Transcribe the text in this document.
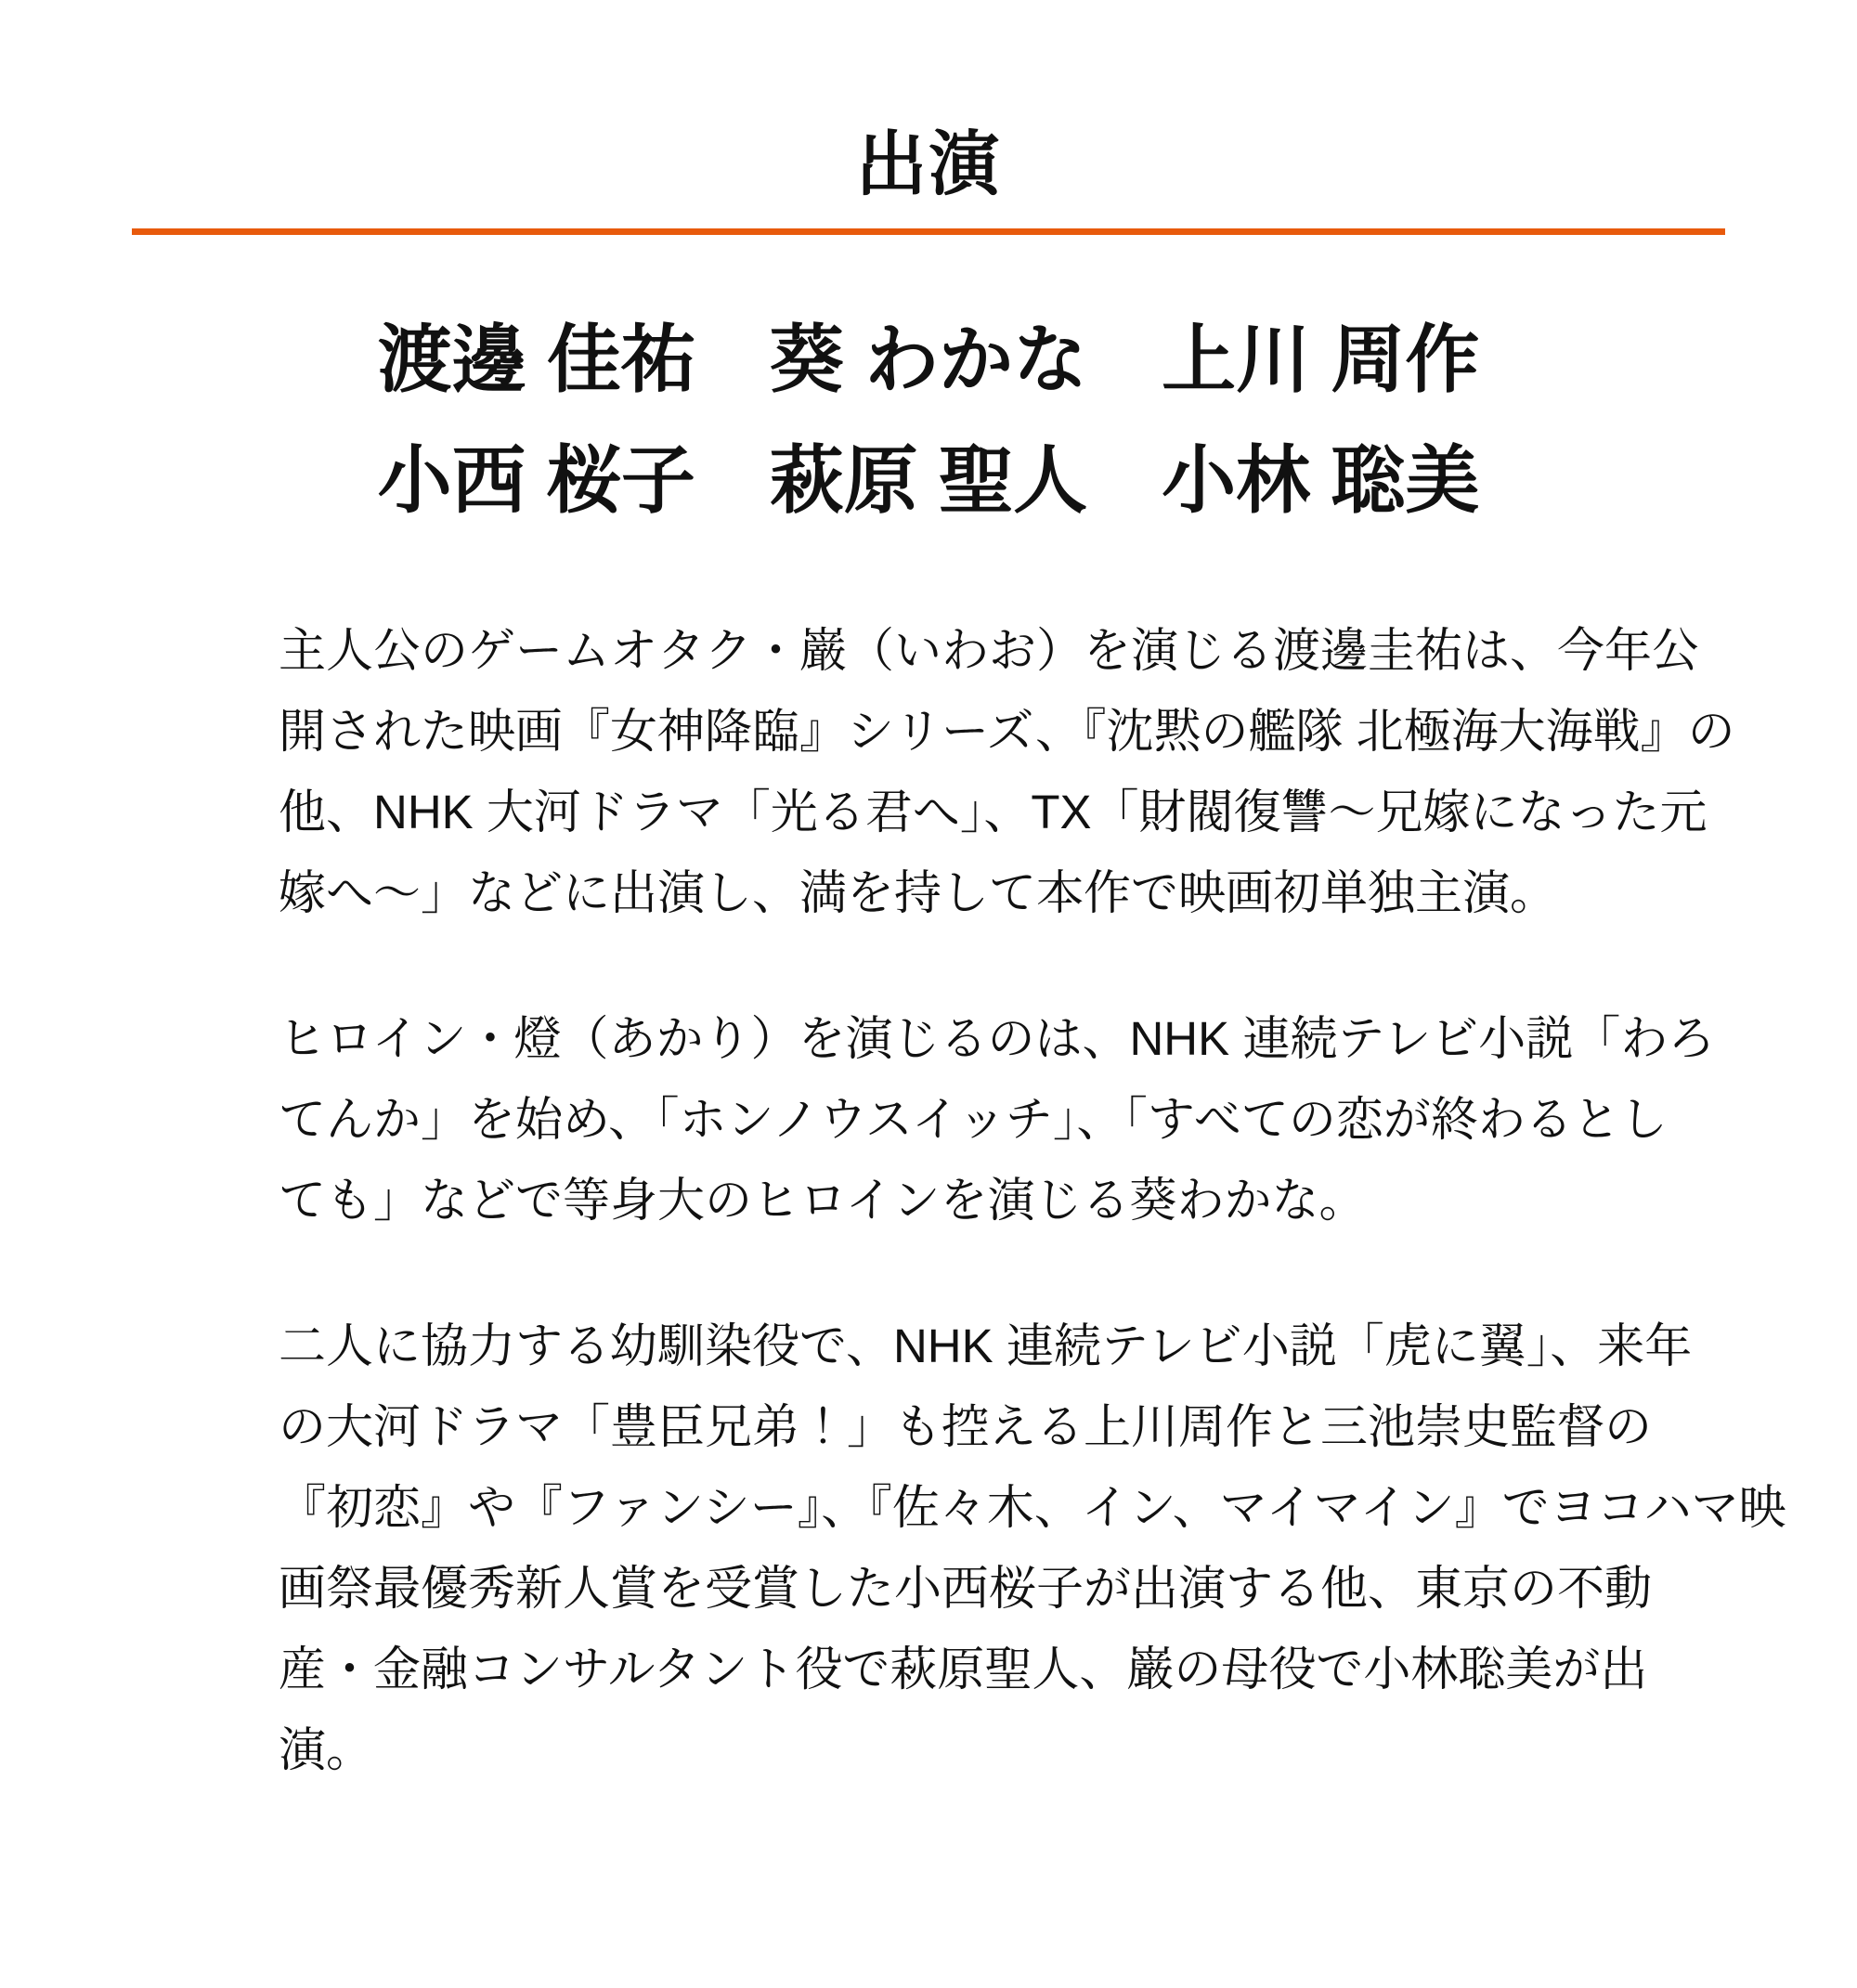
出演
渡邊 佳祐　葵 わかな　上川 周作
小西 桜子　萩原 聖人　小林 聡美
主人公のゲームオタク・巌（いわお）を演じる渡邊圭祐は、今年公
開された映画『女神降臨』シリーズ、『沈黙の艦隊 北極海大海戦』の
他、NHK 大河ドラマ「光る君へ」、TX「財閥復讐〜兄嫁になった元
嫁へ〜」などに出演し、満を持して本作で映画初単独主演。
ヒロイン・燈（あかり）を演じるのは、NHK 連続テレビ小説「わろ
てんか」を始め、「ホンノウスイッチ」、「すべての恋が終わるとし
ても」などで等身大のヒロインを演じる葵わかな。
二人に協力する幼馴染役で、NHK 連続テレビ小説「虎に翼」、来年
の大河ドラマ「豊臣兄弟！」も控える上川周作と三池崇史監督の
『初恋』や『ファンシー』、『佐々木、イン、マイマイン』でヨコハマ映
画祭最優秀新人賞を受賞した小西桜子が出演する他、東京の不動
産・金融コンサルタント役で萩原聖人、巌の母役で小林聡美が出
演。
